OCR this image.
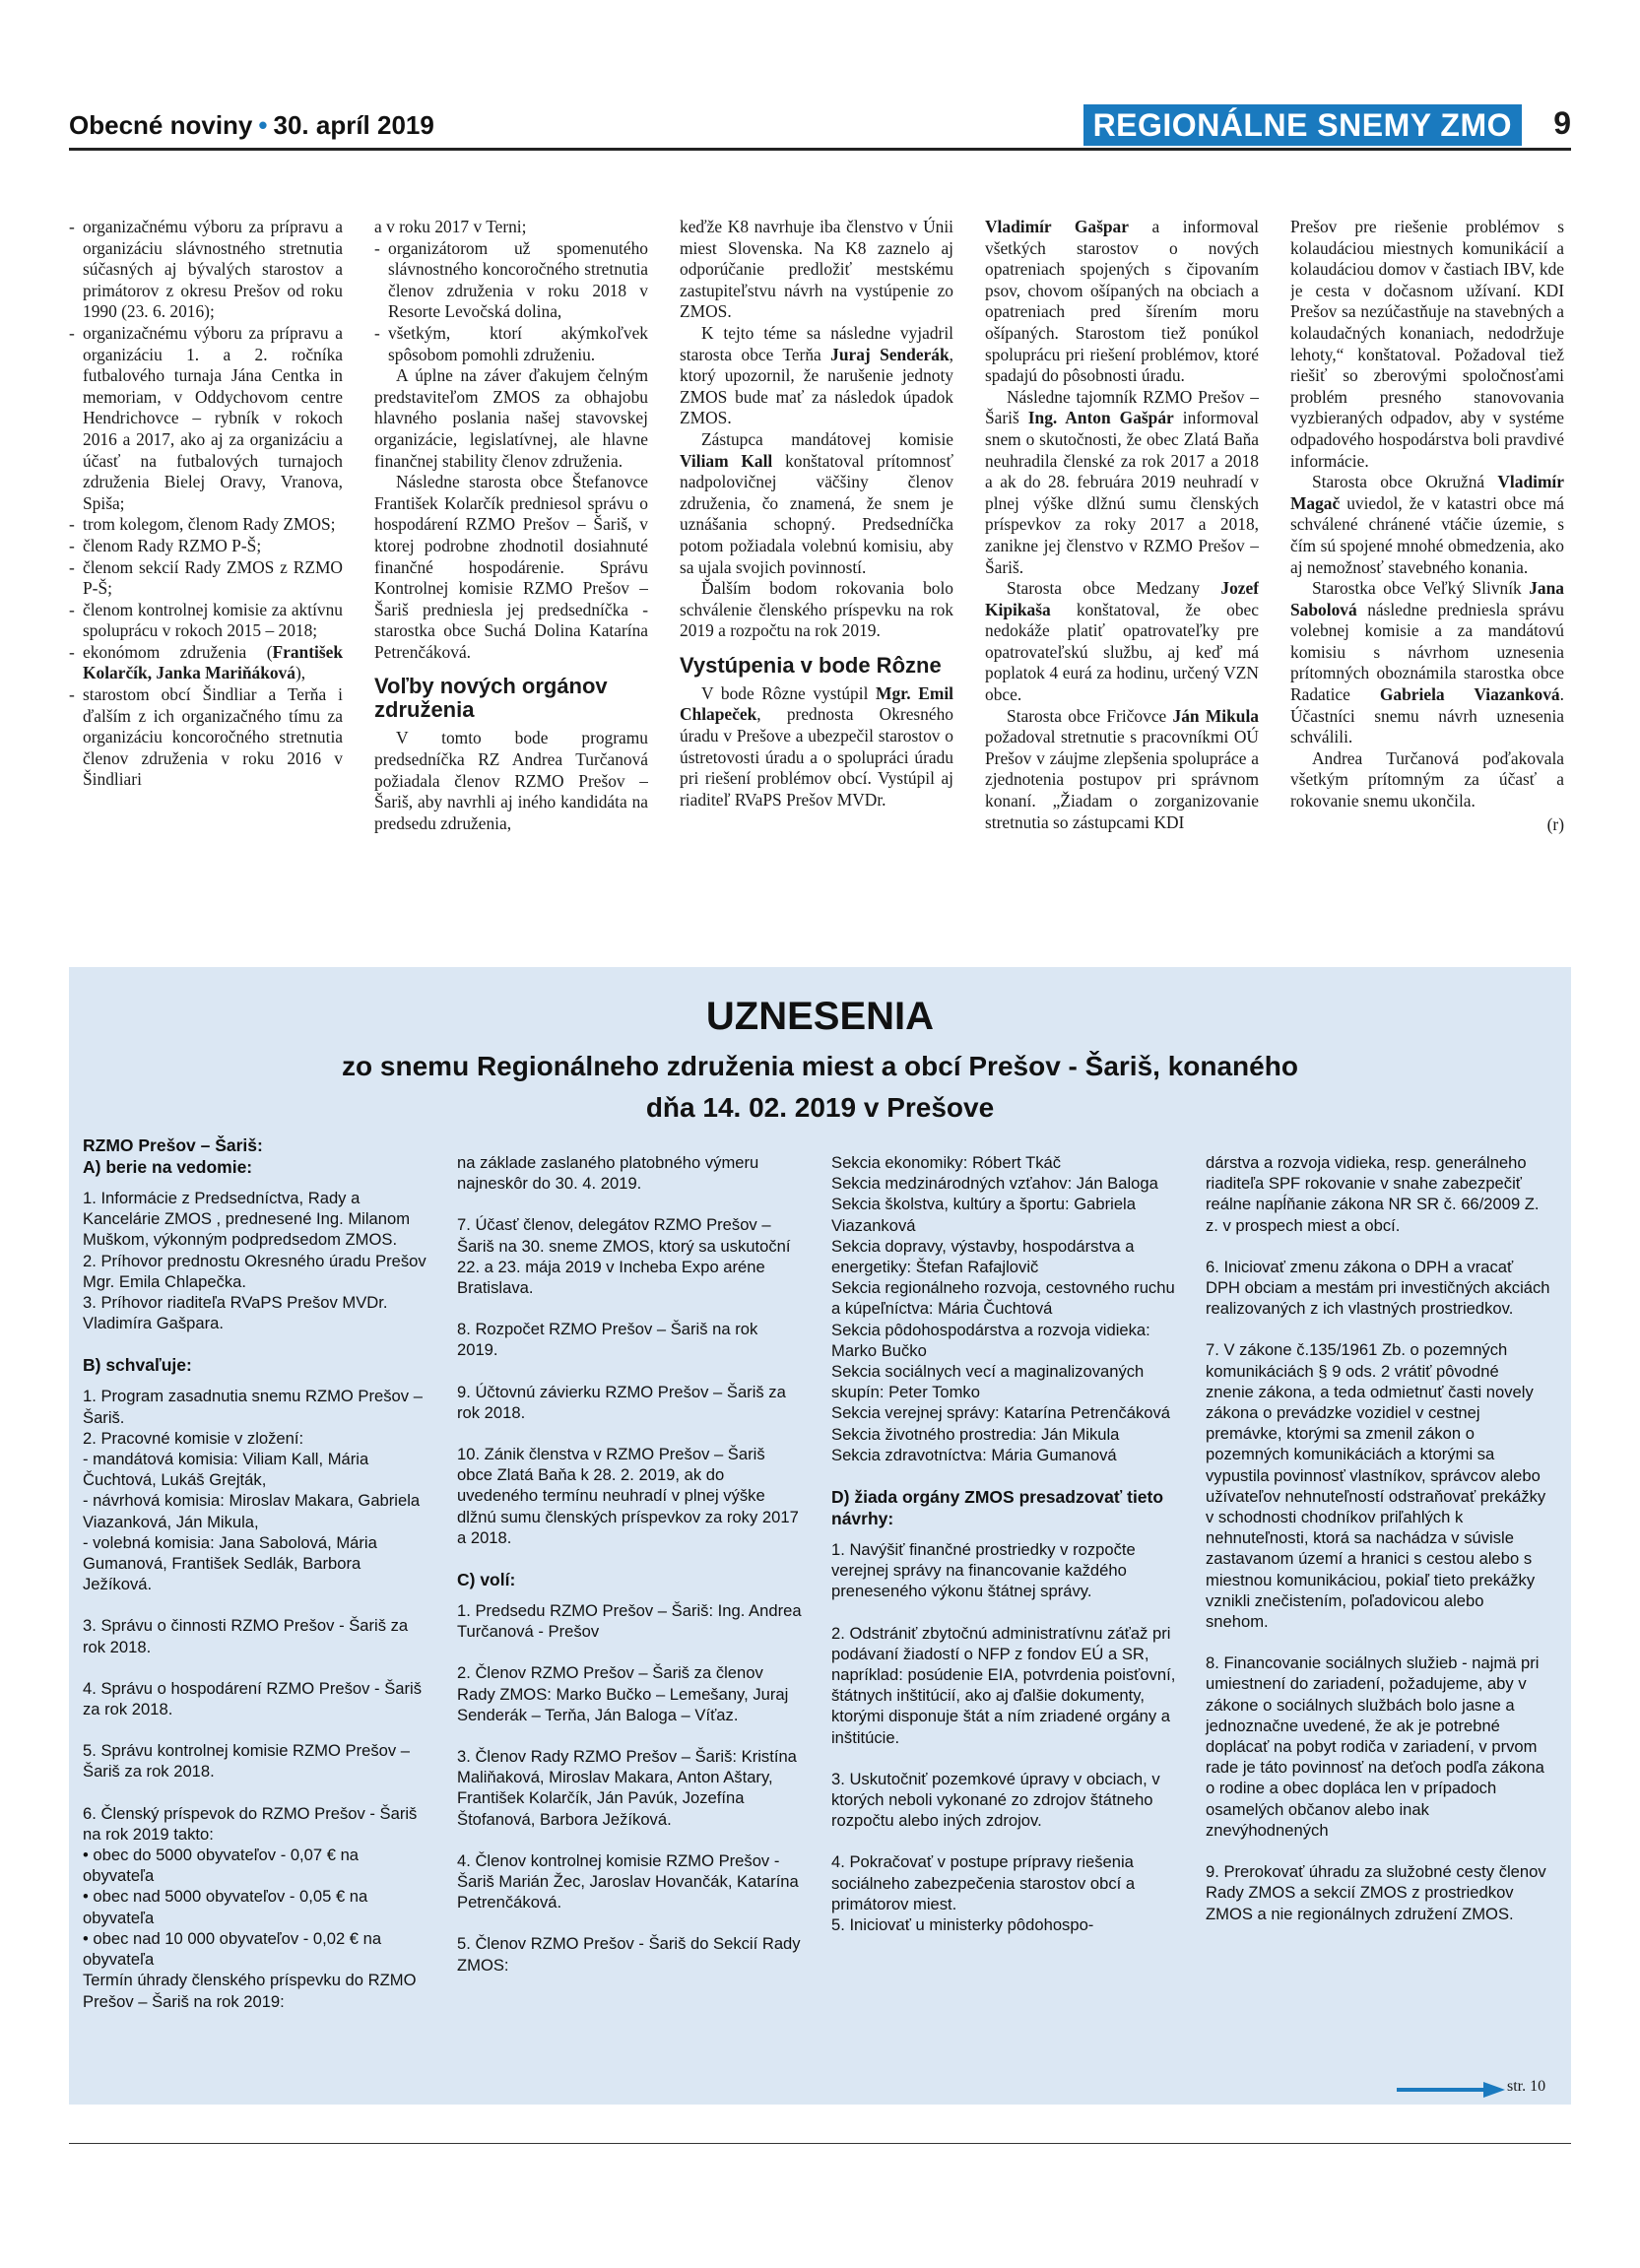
Obecné noviny • 30. apríl 2019	REGIONÁLNE SNEMY ZMO	9
- organizačnému výboru za prípravu a organizáciu slávnostného stretnutia súčasných aj bývalých starostov a primátorov z okresu Prešov od roku 1990 (23. 6. 2016);
- organizačnému výboru za prípravu a organizáciu 1. a 2. ročníka futbalového turnaja Jána Centka in memoriam, v Oddychovom centre Hendrichovce – rybník v rokoch 2016 a 2017, ako aj za organizáciu a účasť na futbalových turnajoch združenia Bielej Oravy, Vranova, Spiša;
- trom kolegom, členom Rady ZMOS;
- členom Rady RZMO P-Š;
- členom sekcií Rady ZMOS z RZMO P-Š;
- členom kontrolnej komisie za aktívnu spoluprácu v rokoch 2015 – 2018;
- ekonómom združenia (František Kolarčík, Janka Mariňáková),
- starostom obcí Šindliar a Terňa i ďalším z ich organizačného tímu za organizáciu koncoročného stretnutia členov združenia v roku 2016 v Šindliari

a v roku 2017 v Terni;

- organizátorom už spomenutého slávnostného koncoročného stretnutia členov združenia v roku 2018 v Resorte Levočská dolina,
- všetkým, ktorí akýmkoľvek spôsobom pomohli združeniu.

A úplne na záver ďakujem čelným predstaviteľom ZMOS za obhajobu hlavného poslania našej stavovskej organizácie, legislatívnej, ale hlavne finančnej stability členov združenia.

Následne starosta obce Štefanovce František Kolarčík predniesol správu o hospodárení RZMO Prešov – Šariš, v ktorej podrobne zhodnotil dosiahnuté finančné hospodárenie. Správu Kontrolnej komisie RZMO Prešov – Šariš predniesla jej predsedníčka - starostka obce Suchá Dolina Katarína Petrenčáková.

Voľby nových orgánov združenia

V tomto bode programu predsedníčka RZ Andrea Turčanová požiadala členov RZMO Prešov – Šariš, aby navrhli aj iného kandidáta na predsedu združenia,

keďže K8 navrhuje iba členstvo v Únii miest Slovenska. Na K8 zaznelo aj odporúčanie predložiť mestskému zastupiteľstvu návrh na vystúpenie zo ZMOS.

K tejto téme sa následne vyjadril starosta obce Terňa Juraj Senderák, ktorý upozornil, že narušenie jednoty ZMOS bude mať za následok úpadok ZMOS.

Zástupca mandátovej komisie Viliam Kall konštatoval prítomnosť nadpolovičnej väčšiny členov združenia, čo znamená, že snem je uznášania schopný. Predsedníčka potom požiadala volebnú komisiu, aby sa ujala svojich povinností.

Ďalším bodom rokovania bolo schválenie členského príspevku na rok 2019 a rozpočtu na rok 2019.

Vystúpenia v bode Rôzne

V bode Rôzne vystúpil Mgr. Emil Chlapeček, prednosta Okresného úradu v Prešove a ubezpečil starostov o ústretovosti úradu a o spolupráci úradu pri riešení problémov obcí. Vystúpil aj riaditeľ RVaPS Prešov MVDr.

Vladimír Gašpar a informoval všetkých starostov o nových opatreniach spojených s čipovaním psov, chovom ošípaných na obciach a opatreniach pred šírením moru ošípaných. Starostom tiež ponúkol spoluprácu pri riešení problémov, ktoré spadajú do pôsobnosti úradu.

Následne tajomník RZMO Prešov – Šariš Ing. Anton Gašpár informoval snem o skutočnosti, že obec Zlatá Baňa neuhradila členské za rok 2017 a 2018 a ak do 28. februára 2019 neuhradí v plnej výške dlžnú sumu členských príspevkov za roky 2017 a 2018, zanikne jej členstvo v RZMO Prešov – Šariš.

Starosta obce Medzany Jozef Kipikaša konštatoval, že obec nedokáže platiť opatrovateľky pre opatrovateľskú službu, aj keď má poplatok 4 eurá za hodinu, určený VZN obce.

Starosta obce Fričovce Ján Mikula požadoval stretnutie s pracovníkmi OÚ Prešov v záujme zlepšenia spolupráce a zjednotenia postupov pri správnom konaní. „Žiadam o zorganizovanie stretnutia so zástupcami KDI

Prešov pre riešenie problémov s kolaudáciou miestnych komunikácií a kolaudáciou domov v častiach IBV, kde je cesta v dočasnom užívaní. KDI Prešov sa nezúčastňuje na stavebných a kolaudačných konaniach, nedodržuje lehoty,“ konštatoval. Požadoval tiež riešiť so zberovými spoločnosťami problém presného stanovovania vyzbieraných odpadov, aby v systéme odpadového hospodárstva boli pravdivé informácie.

Starosta obce Okružná Vladimír Magač uviedol, že v katastri obce má schválené chránené vtáčie územie, s čím sú spojené mnohé obmedzenia, ako aj nemožnosť stavebného konania.

Starostka obce Veľký Slivník Jana Sabolová následne predniesla správu volebnej komisie a za mandátovú komisiu s návrhom uznesenia prítomných oboznámila starostka obce Radatice Gabriela Viazanková. Účastníci snemu návrh uznesenia schválili.

Andrea Turčanová poďakovala všetkým prítomným za účasť a rokovanie snemu ukončila.

(r)
UZNESENIA
zo snemu Regionálneho združenia miest a obcí Prešov - Šariš, konaného
dňa 14. 02. 2019 v Prešove
RZMO Prešov – Šariš:
A) berie na vedomie:

1. Informácie z Predsedníctva, Rady a Kancelárie ZMOS , prednesené Ing. Milanom Muškom, výkonným podpredsedom ZMOS.

2. Príhovor prednostu Okresného úradu Prešov Mgr. Emila Chlapečka.

3. Príhovor riaditeľa RVaPS Prešov MVDr. Vladimíra Gašpara.

B) schvaľuje:

1. Program zasadnutia snemu RZMO Prešov – Šariš.

2. Pracovné komisie v zložení:

- mandátová komisia: Viliam Kall, Mária Čuchtová, Lukáš Grejták,

- návrhová komisia: Miroslav Makara, Gabriela Viazanková, Ján Mikula,

- volebná komisia: Jana Sabolová, Mária Gumanová, František Sedlák, Barbora Ježíková.

3. Správu o činnosti RZMO Prešov - Šariš za rok 2018.

4. Správu o hospodárení RZMO Prešov - Šariš za rok 2018.

5. Správu kontrolnej komisie RZMO Prešov – Šariš za rok 2018.

6. Členský príspevok do RZMO Prešov - Šariš na rok 2019 takto:

• obec do 5000 obyvateľov - 0,07 € na obyvateľa

• obec nad 5000 obyvateľov - 0,05 € na obyvateľa

• obec nad 10 000 obyvateľov - 0,02 € na obyvateľa

Termín úhrady členského príspevku do RZMO Prešov – Šariš na rok 2019:

na základe zaslaného platobného výmeru najneskôr do 30. 4. 2019.

7. Účasť členov, delegátov RZMO Prešov – Šariš na 30. sneme ZMOS, ktorý sa uskutoční 22. a 23. mája 2019 v Incheba Expo aréne Bratislava.

8. Rozpočet RZMO Prešov – Šariš na rok 2019.

9. Účtovnú závierku RZMO Prešov – Šariš za rok 2018.

10. Zánik členstva v RZMO Prešov – Šariš obce Zlatá Baňa k 28. 2. 2019, ak do uvedeného termínu neuhradí v plnej výške dlžnú sumu členských príspevkov za roky 2017 a 2018.

C) volí:

1. Predsedu RZMO Prešov – Šariš: Ing. Andrea Turčanová - Prešov

2. Členov RZMO Prešov – Šariš za členov Rady ZMOS: Marko Bučko – Lemešany, Juraj Senderák – Terňa, Ján Baloga – Víťaz.

3. Členov Rady RZMO Prešov – Šariš: Kristína Maliňaková, Miroslav Makara, Anton Aštary, František Kolarčík, Ján Pavúk, Jozefína Štofanová, Barbora Ježíková.

4. Členov kontrolnej komisie RZMO Prešov - Šariš Marián Žec, Jaroslav Hovančák, Katarína Petrenčáková.

5. Členov RZMO Prešov - Šariš do Sekcií Rady ZMOS:

Sekcia ekonomiky: Róbert Tkáč

Sekcia medzinárodných vzťahov: Ján Baloga

Sekcia školstva, kultúry a športu: Gabriela Viazanková

Sekcia dopravy, výstavby, hospodárstva a energetiky: Štefan Rafajlovič

Sekcia regionálneho rozvoja, cestovného ruchu a kúpeľníctva: Mária Čuchtová

Sekcia pôdohospodárstva a rozvoja vidieka: Marko Bučko

Sekcia sociálnych vecí a maginalizovaných skupín: Peter Tomko

Sekcia verejnej správy: Katarína Petrenčáková

Sekcia životného prostredia: Ján Mikula

Sekcia zdravotníctva: Mária Gumanová

D) žiada orgány ZMOS presadzovať tieto návrhy:

1. Navýšiť finančné prostriedky v rozpočte verejnej správy na financovanie každého preneseného výkonu štátnej správy.

2. Odstrániť zbytočnú administratívnu záťaž pri podávaní žiadostí o NFP z fondov EÚ a SR, napríklad: posúdenie EIA, potvrdenia poisťovní, štátnych inštitúcií, ako aj ďalšie dokumenty, ktorými disponuje štát a ním zriadené orgány a inštitúcie.

3. Uskutočniť pozemkové úpravy v obciach, v ktorých neboli vykonané zo zdrojov štátneho rozpočtu alebo iných zdrojov.

4. Pokračovať v postupe prípravy riešenia sociálneho zabezpečenia starostov obcí a primátorov miest.

5. Iniciovať u ministerky pôdohospo-

dárstva a rozvoja vidieka, resp. generálneho riaditeľa SPF rokovanie v snahe zabezpečiť reálne napĺňanie zákona NR SR č. 66/2009 Z. z. v prospech miest a obcí.

6. Iniciovať zmenu zákona o DPH a vracať DPH obciam a mestám pri investičných akciách realizovaných z ich vlastných prostriedkov.

7. V zákone č.135/1961 Zb. o pozemných komunikáciách § 9 ods. 2 vrátiť pôvodné znenie zákona, a teda odmietnuť časti novely zákona o prevádzke vozidiel v cestnej premávke, ktorými sa zmenil zákon o pozemných komunikáciách a ktorými sa vypustila povinnosť vlastníkov, správcov alebo užívateľov nehnuteľností odstraňovať prekážky v schodnosti chodníkov priľahlých k nehnuteľnosti, ktorá sa nachádza v súvisle zastavanom území a hranici s cestou alebo s miestnou komunikáciou, pokiaľ tieto prekážky vznikli znečistením, poľadovicou alebo snehom.

8. Financovanie sociálnych služieb - najmä pri umiestnení do zariadení, požadujeme, aby v zákone o sociálnych službách bolo jasne a jednoznačne uvedené, že ak je potrebné doplácať na pobyt rodiča v zariadení, v prvom rade je táto povinnosť na deťoch podľa zákona o rodine a obec dopláca len v prípadoch osamelých občanov alebo inak znevýhodnených

9. Prerokovať úhradu za služobné cesty členov Rady ZMOS a sekcií ZMOS z prostriedkov ZMOS a nie regionálnych združení ZMOS.

str. 10
